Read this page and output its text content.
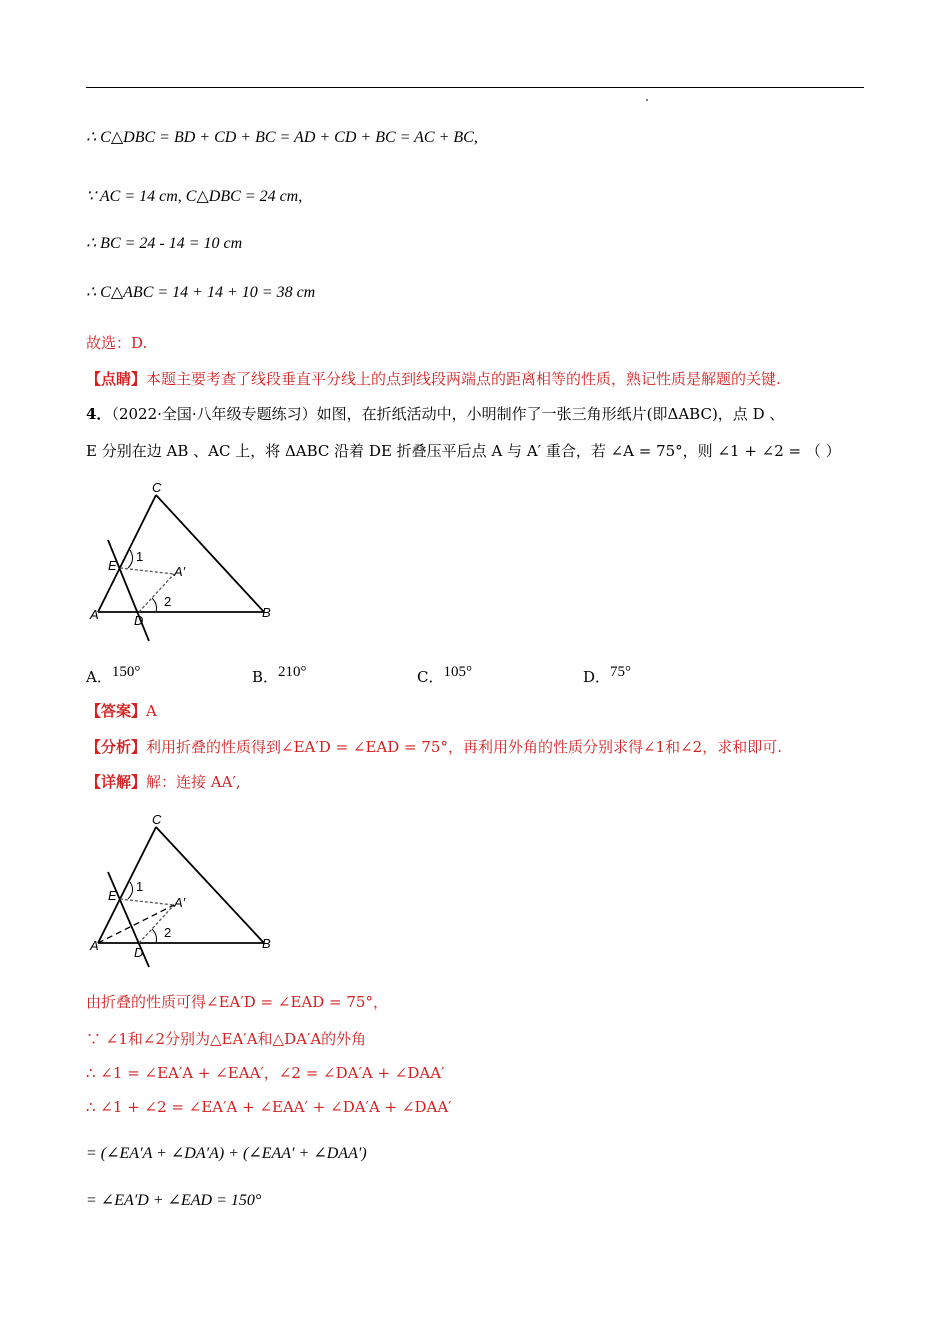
∴ C△DBC = BD + CD + BC = AD + CD + BC = AC + BC,
∵ AC = 14 cm, C△DBC = 24 cm,
∴ BC = 24 - 14 = 10 cm
∴ C△ABC = 14 + 14 + 10 = 38 cm
故选：D.
【点睛】本题主要考查了线段垂直平分线上的点到线段两端点的距离相等的性质，熟记性质是解题的关键.
4．（2022·全国·八年级专题练习）如图，在折纸活动中，小明制作了一张三角形纸片(即ΔABC)，点 D 、
E 分别在边 AB 、AC 上，将 ΔABC 沿着 DE 折叠压平后点 A 与 A′ 重合，若 ∠A = 75°，则 ∠1 + ∠2 = （ ）
C
E
1
A′
2
A	D
B
A．150°	B．210°	C．105°	D．75°
【答案】A
【分析】利用折叠的性质得到∠EA′D = ∠EAD = 75°，再利用外角的性质分别求得∠1和∠2，求和即可.
【详解】解：连接 AA′,
C
E
1
A′
2
A	D
B
由折叠的性质可得∠EA′D = ∠EAD = 75°，
∵ ∠1和∠2分别为△EA′A和△DA′A的外角
∴ ∠1 = ∠EA′A + ∠EAA′，∠2 = ∠DA′A + ∠DAA′
∴ ∠1 + ∠2 = ∠EA′A + ∠EAA′ + ∠DA′A + ∠DAA′
= (∠EA′A + ∠DA′A) + (∠EAA′ + ∠DAA′)
= ∠EA′D + ∠EAD = 150°
